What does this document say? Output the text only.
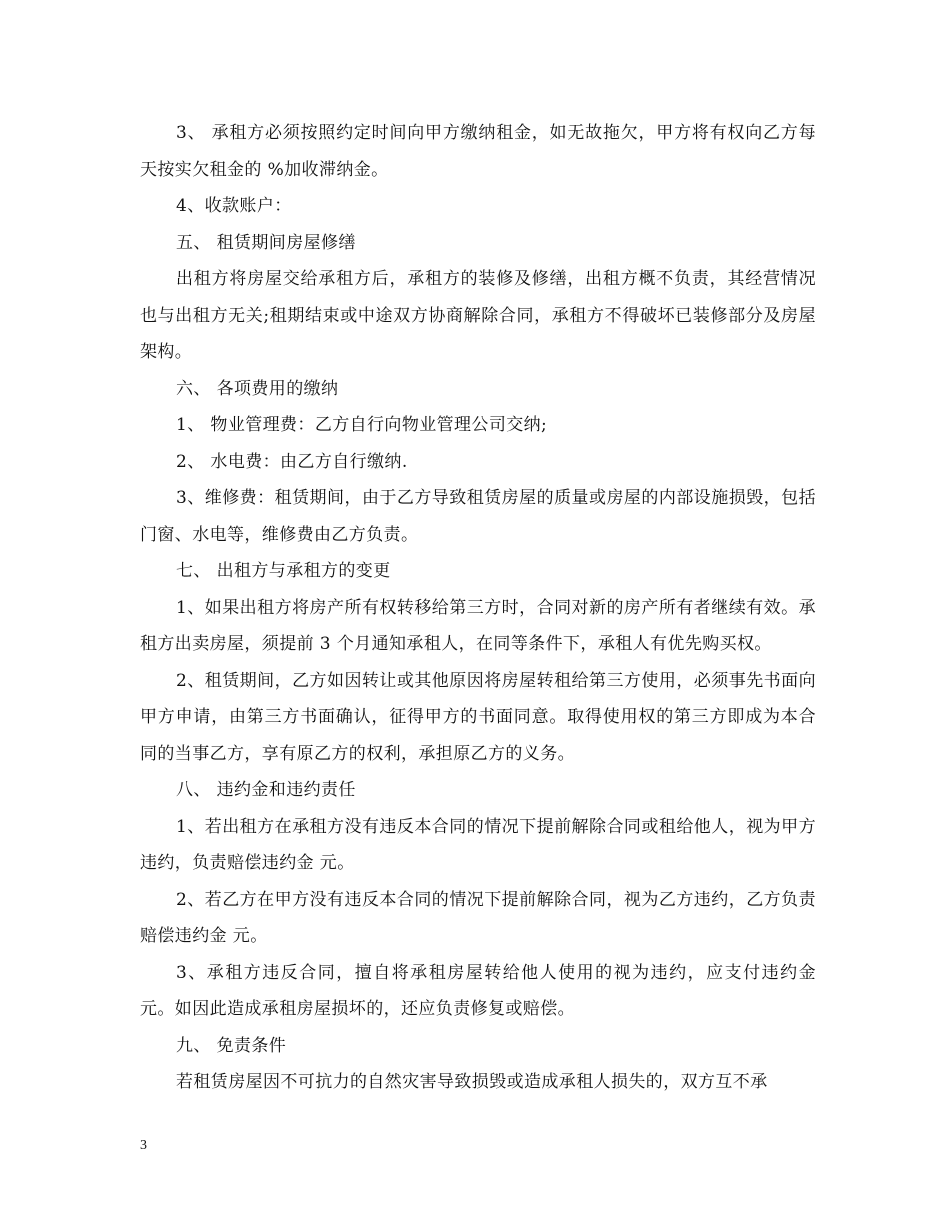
3、 承租方必须按照约定时间向甲方缴纳租金，如无故拖欠，甲方将有权向乙方每天按实欠租金的 %加收滞纳金。

4、收款账户：

五、 租赁期间房屋修缮

出租方将房屋交给承租方后，承租方的装修及修缮，出租方概不负责，其经营情况也与出租方无关;租期结束或中途双方协商解除合同，承租方不得破坏已装修部分及房屋架构。

六、 各项费用的缴纳

1、 物业管理费：乙方自行向物业管理公司交纳;

2、 水电费：由乙方自行缴纳.

3、维修费：租赁期间，由于乙方导致租赁房屋的质量或房屋的内部设施损毁，包括门窗、水电等，维修费由乙方负责。

七、 出租方与承租方的变更

1、如果出租方将房产所有权转移给第三方时，合同对新的房产所有者继续有效。承租方出卖房屋，须提前 3 个月通知承租人，在同等条件下，承租人有优先购买权。

2、租赁期间，乙方如因转让或其他原因将房屋转租给第三方使用，必须事先书面向甲方申请，由第三方书面确认，征得甲方的书面同意。取得使用权的第三方即成为本合同的当事乙方，享有原乙方的权利，承担原乙方的义务。

八、 违约金和违约责任

1、若出租方在承租方没有违反本合同的情况下提前解除合同或租给他人，视为甲方违约，负责赔偿违约金 元。

2、若乙方在甲方没有违反本合同的情况下提前解除合同，视为乙方违约，乙方负责赔偿违约金 元。

3、承租方违反合同，擅自将承租房屋转给他人使用的视为违约，应支付违约金 元。如因此造成承租房屋损坏的，还应负责修复或赔偿。

九、 免责条件

若租赁房屋因不可抗力的自然灾害导致损毁或造成承租人损失的，双方互不承

3
